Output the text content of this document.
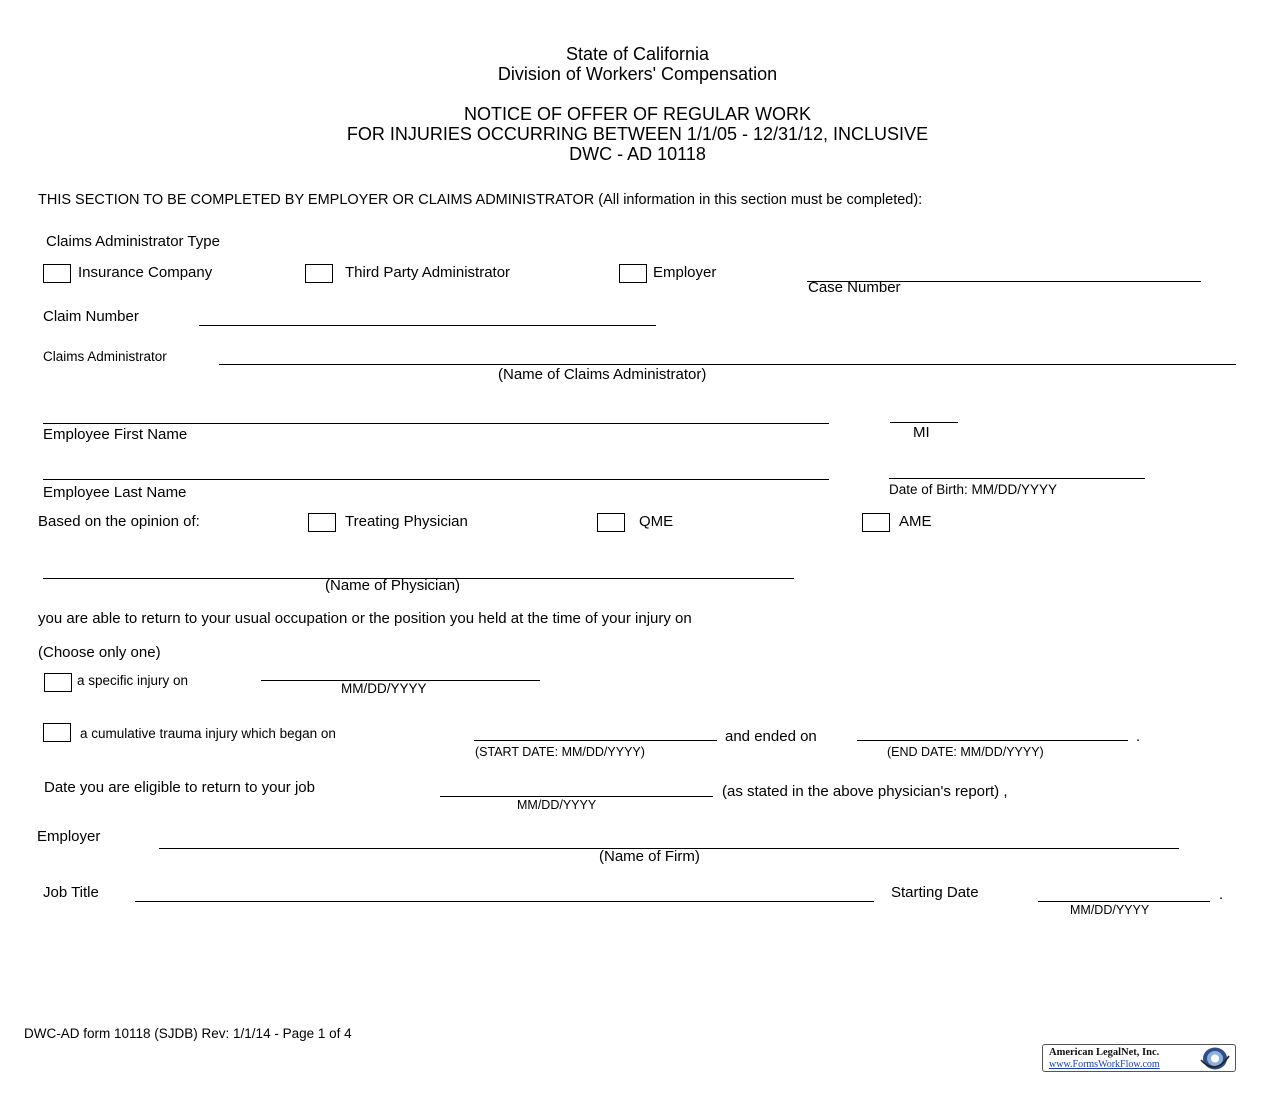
State of California
Division of Workers' Compensation
NOTICE OF OFFER OF REGULAR WORK
FOR INJURIES OCCURRING BETWEEN 1/1/05 - 12/31/12, INCLUSIVE
DWC - AD 10118
THIS SECTION TO BE COMPLETED BY EMPLOYER OR CLAIMS ADMINISTRATOR (All information in this section must be completed):
Claims Administrator Type
Insurance Company	Third Party Administrator	Employer
Case Number
Claim Number
Claims Administrator
(Name of Claims Administrator)
Employee First Name	MI
Employee Last Name	Date of Birth: MM/DD/YYYY
Based on the opinion of:	Treating Physician	QME	AME
(Name of Physician)
you are able to return to your usual occupation or the position you held at the time of your injury on
(Choose only one)
a specific injury on
MM/DD/YYYY
a cumulative trauma injury which began on
(START DATE: MM/DD/YYYY)
and ended on
(END DATE: MM/DD/YYYY)
.
Date you are eligible to return to your job
MM/DD/YYYY
(as stated in the above physician's report) ,
Employer
(Name of Firm)
Job Title	Starting Date
MM/DD/YYYY
.
DWC-AD form 10118 (SJDB) Rev: 1/1/14 - Page 1 of 4
American LegalNet, Inc.
www.FormsWorkFlow.com
